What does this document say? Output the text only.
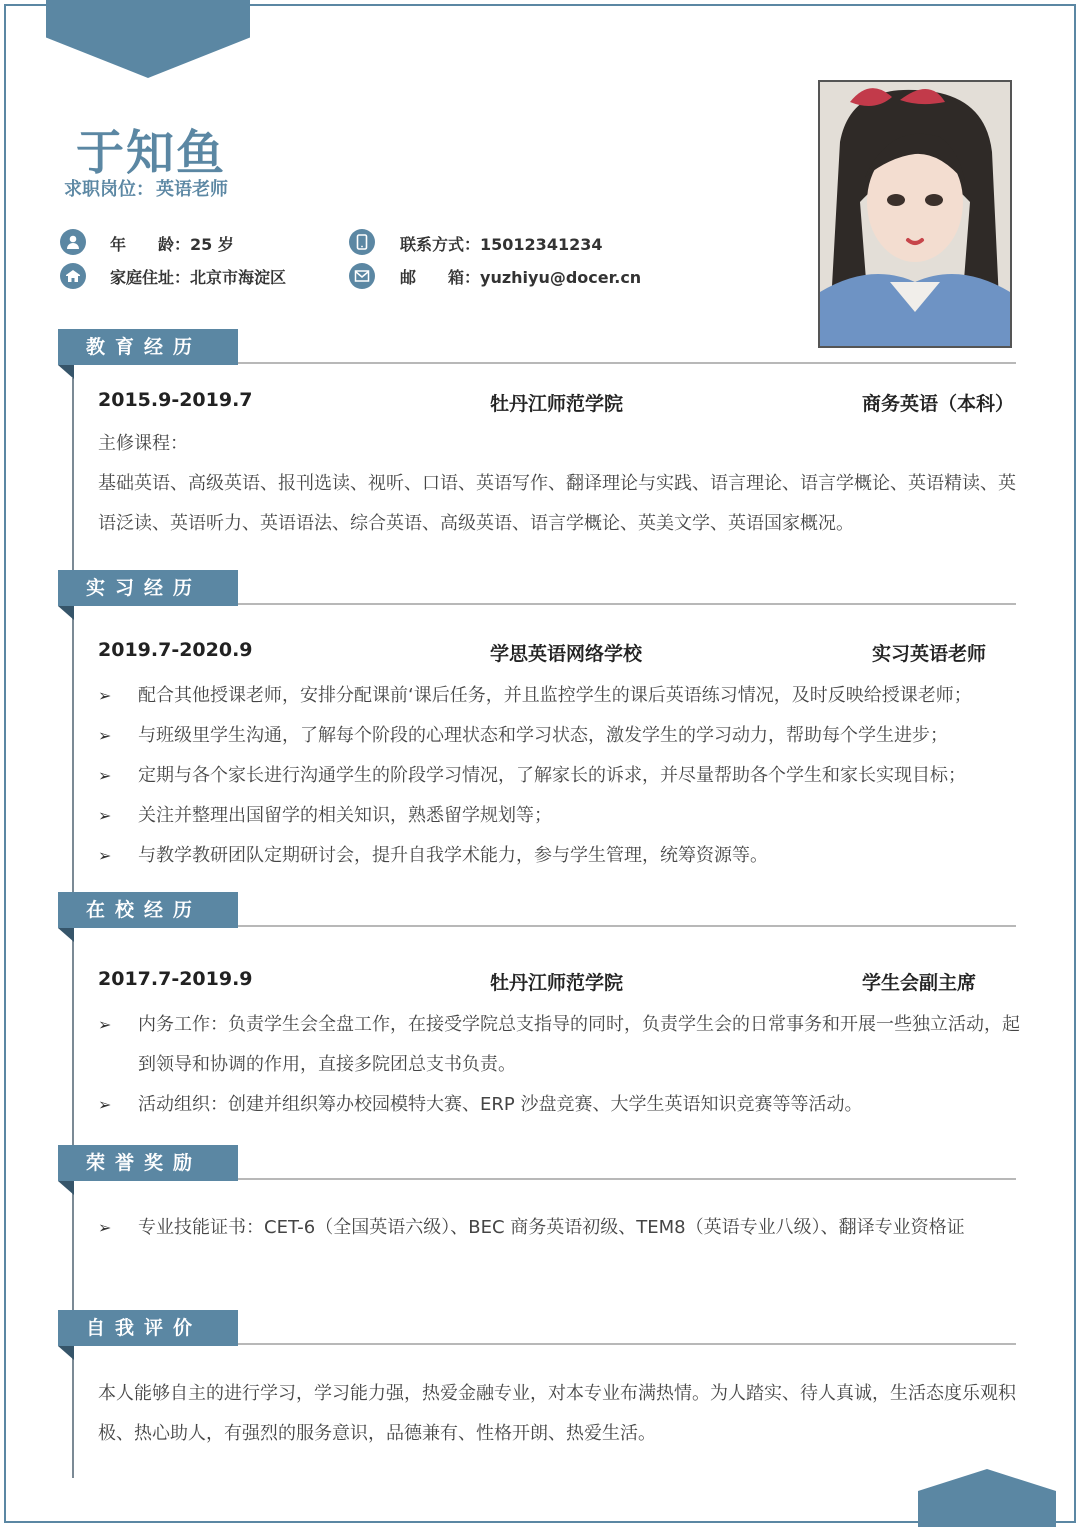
于知鱼
求职岗位： 英语老师
年　　龄：25 岁
家庭住址：北京市海淀区
联系方式：15012341234
邮　　箱：yuzhiyu@docer.cn
教育经历
2015.9-2019.7	牡丹江师范学院	商务英语（本科）
主修课程：
基础英语、高级英语、报刊选读、视听、口语、英语写作、翻译理论与实践、语言理论、语言学概论、英语精读、英语泛读、英语听力、英语语法、综合英语、高级英语、语言学概论、英美文学、英语国家概况。
实习经历
2019.7-2020.9	学思英语网络学校	实习英语老师
➢ 配合其他授课老师，安排分配课前‘课后任务，并且监控学生的课后英语练习情况，及时反映给授课老师；
➢ 与班级里学生沟通，了解每个阶段的心理状态和学习状态，激发学生的学习动力，帮助每个学生进步；
➢ 定期与各个家长进行沟通学生的阶段学习情况，了解家长的诉求，并尽量帮助各个学生和家长实现目标；
➢ 关注并整理出国留学的相关知识，熟悉留学规划等；
➢ 与教学教研团队定期研讨会，提升自我学术能力，参与学生管理，统筹资源等。
在校经历
2017.7-2019.9	牡丹江师范学院	学生会副主席
➢ 内务工作：负责学生会全盘工作，在接受学院总支指导的同时，负责学生会的日常事务和开展一些独立活动，起到领导和协调的作用，直接多院团总支书负责。
➢ 活动组织：创建并组织筹办校园模特大赛、ERP 沙盘竞赛、大学生英语知识竞赛等等活动。
荣誉奖励
➢ 专业技能证书：CET-6（全国英语六级）、BEC 商务英语初级、TEM8（英语专业八级）、翻译专业资格证
自我评价
本人能够自主的进行学习，学习能力强，热爱金融专业，对本专业布满热情。为人踏实、待人真诚，生活态度乐观积极、热心助人，有强烈的服务意识，品德兼有、性格开朗、热爱生活。
